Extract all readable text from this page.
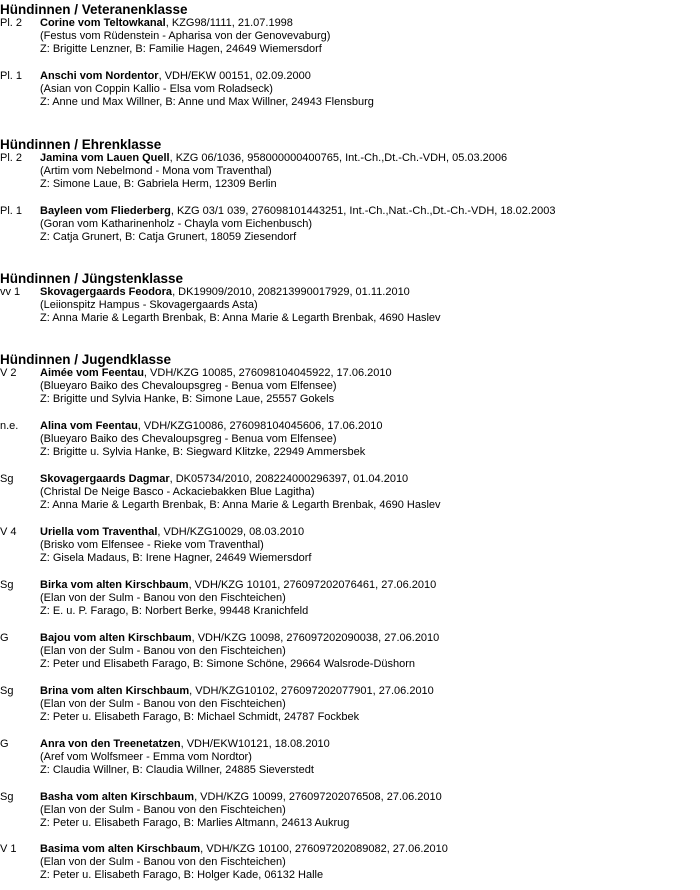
Hündinnen / Veteranenklasse
Pl. 2 Corine vom Teltowkanal, KZG98/1111, 21.07.1998
(Festus vom Rüdenstein - Apharisa von der Genovevaburg)
Z: Brigitte Lenzner, B: Familie Hagen, 24649 Wiemersdorf
Pl. 1 Anschi vom Nordentor, VDH/EKW 00151, 02.09.2000
(Asian von Coppin Kallio - Elsa vom Roladseck)
Z: Anne und Max Willner, B: Anne und Max Willner, 24943 Flensburg
Hündinnen / Ehrenklasse
Pl. 2 Jamina vom Lauen Quell, KZG 06/1036, 958000000400765, Int.-Ch.,Dt.-Ch.-VDH, 05.03.2006
(Artim vom Nebelmond - Mona vom Traventhal)
Z: Simone Laue, B: Gabriela Herm, 12309 Berlin
Pl. 1 Bayleen vom Fliederberg, KZG 03/1 039, 276098101443251, Int.-Ch.,Nat.-Ch.,Dt.-Ch.-VDH, 18.02.2003
(Goran vom Katharinenholz - Chayla vom Eichenbusch)
Z: Catja Grunert, B: Catja Grunert, 18059 Ziesendorf
Hündinnen / Jüngstenklasse
vv 1 Skovagergaards Feodora, DK19909/2010, 208213990017929, 01.11.2010
(Leiionspitz Hampus - Skovagergaards Asta)
Z: Anna Marie & Legarth Brenbak, B: Anna Marie & Legarth Brenbak, 4690 Haslev
Hündinnen / Jugendklasse
V 2 Aimée vom Feentau, VDH/KZG 10085, 276098104045922, 17.06.2010
(Blueyaro Baiko des Chevaloupsgreg - Benua vom Elfensee)
Z: Brigitte und Sylvia Hanke, B: Simone Laue, 25557 Gokels
n.e. Alina vom Feentau, VDH/KZG10086, 276098104045606, 17.06.2010
(Blueyaro Baiko des Chevaloupsgreg - Benua vom Elfensee)
Z: Brigitte u. Sylvia Hanke, B: Siegward Klitzke, 22949 Ammersbek
Sg Skovagergaards Dagmar, DK05734/2010, 208224000296397, 01.04.2010
(Christal De Neige Basco - Ackaciebakken Blue Lagitha)
Z: Anna Marie & Legarth Brenbak, B: Anna Marie & Legarth Brenbak, 4690 Haslev
V 4 Uriella vom Traventhal, VDH/KZG10029, 08.03.2010
(Brisko vom Elfensee - Rieke vom Traventhal)
Z: Gisela Madaus, B: Irene Hagner, 24649 Wiemersdorf
Sg Birka vom alten Kirschbaum, VDH/KZG 10101, 276097202076461, 27.06.2010
(Elan von der Sulm - Banou von den Fischteichen)
Z: E. u. P. Farago, B: Norbert Berke, 99448 Kranichfeld
G	Bajou vom alten Kirschbaum, VDH/KZG 10098, 276097202090038, 27.06.2010
(Elan von der Sulm - Banou von den Fischteichen)
Z: Peter und Elisabeth Farago, B: Simone Schöne, 29664 Walsrode-Düshorn
Sg Brina vom alten Kirschbaum, VDH/KZG10102, 276097202077901, 27.06.2010
(Elan von der Sulm - Banou von den Fischteichen)
Z: Peter u. Elisabeth Farago, B: Michael Schmidt, 24787 Fockbek
G	Anra von den Treenetatzen, VDH/EKW10121, 18.08.2010
(Aref vom Wolfsmeer - Emma vom Nordtor)
Z: Claudia Willner, B: Claudia Willner, 24885 Sieverstedt
Sg Basha vom alten Kirschbaum, VDH/KZG 10099, 276097202076508, 27.06.2010
(Elan von der Sulm - Banou von den Fischteichen)
Z: Peter u. Elisabeth Farago, B: Marlies Altmann, 24613 Aukrug
V 1 Basima vom alten Kirschbaum, VDH/KZG 10100, 276097202089082, 27.06.2010
(Elan von der Sulm - Banou von den Fischteichen)
Z: Peter u. Elisabeth Farago, B: Holger Kade, 06132 Halle
